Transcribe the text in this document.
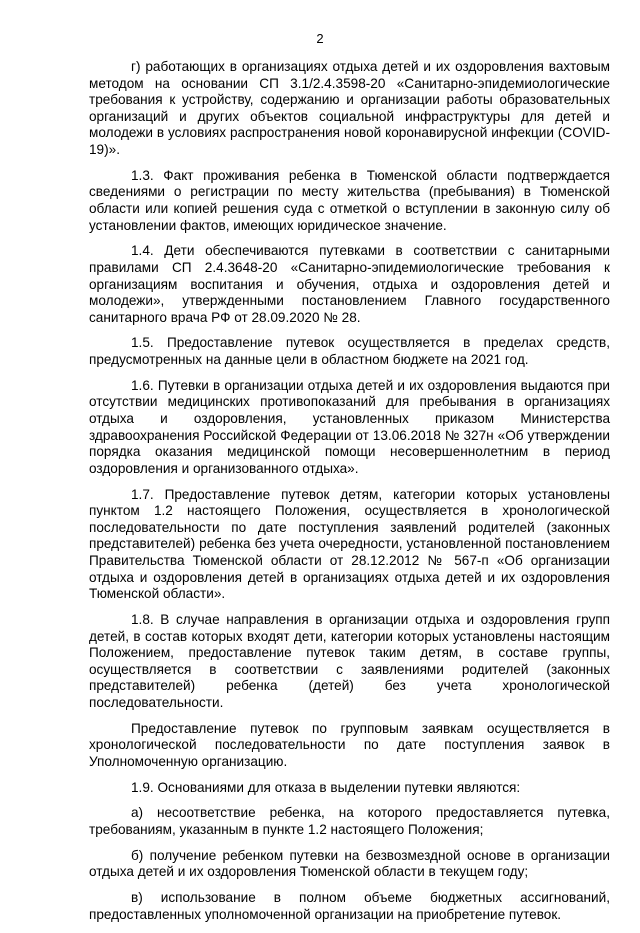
2

г) работающих в организациях отдыха детей и их оздоровления вахтовым методом на основании СП 3.1/2.4.3598-20 «Санитарно-эпидемиологические требования к устройству, содержанию и организации работы образовательных организаций и других объектов социальной инфраструктуры для детей и молодежи в условиях распространения новой коронавирусной инфекции (COVID-19)».

1.3. Факт проживания ребенка в Тюменской области подтверждается сведениями о регистрации по месту жительства (пребывания) в Тюменской области или копией решения суда с отметкой о вступлении в законную силу об установлении фактов, имеющих юридическое значение.

1.4. Дети обеспечиваются путевками в соответствии с санитарными правилами СП 2.4.3648-20 «Санитарно-эпидемиологические требования к организациям воспитания и обучения, отдыха и оздоровления детей и молодежи», утвержденными постановлением Главного государственного санитарного врача РФ от 28.09.2020 № 28.

1.5. Предоставление путевок осуществляется в пределах средств, предусмотренных на данные цели в областном бюджете на 2021 год.

1.6. Путевки в организации отдыха детей и их оздоровления выдаются при отсутствии медицинских противопоказаний для пребывания в организациях отдыха и оздоровления, установленных приказом Министерства здравоохранения Российской Федерации от 13.06.2018 № 327н «Об утверждении порядка оказания медицинской помощи несовершеннолетним в период оздоровления и организованного отдыха».

1.7. Предоставление путевок детям, категории которых установлены пунктом 1.2 настоящего Положения, осуществляется в хронологической последовательности по дате поступления заявлений родителей (законных представителей) ребенка без учета очередности, установленной постановлением Правительства Тюменской области от 28.12.2012 № 567-п «Об организации отдыха и оздоровления детей в организациях отдыха детей и их оздоровления Тюменской области».

1.8. В случае направления в организации отдыха и оздоровления групп детей, в состав которых входят дети, категории которых установлены настоящим Положением, предоставление путевок таким детям, в составе группы, осуществляется в соответствии с заявлениями родителей (законных представителей) ребенка (детей) без учета хронологической последовательности.

Предоставление путевок по групповым заявкам осуществляется в хронологической последовательности по дате поступления заявок в Уполномоченную организацию.

1.9. Основаниями для отказа в выделении путевки являются:

а) несоответствие ребенка, на которого предоставляется путевка, требованиям, указанным в пункте 1.2 настоящего Положения;

б) получение ребенком путевки на безвозмездной основе в организации отдыха детей и их оздоровления Тюменской области в текущем году;

в) использование в полном объеме бюджетных ассигнований, предоставленных уполномоченной организации на приобретение путевок.
